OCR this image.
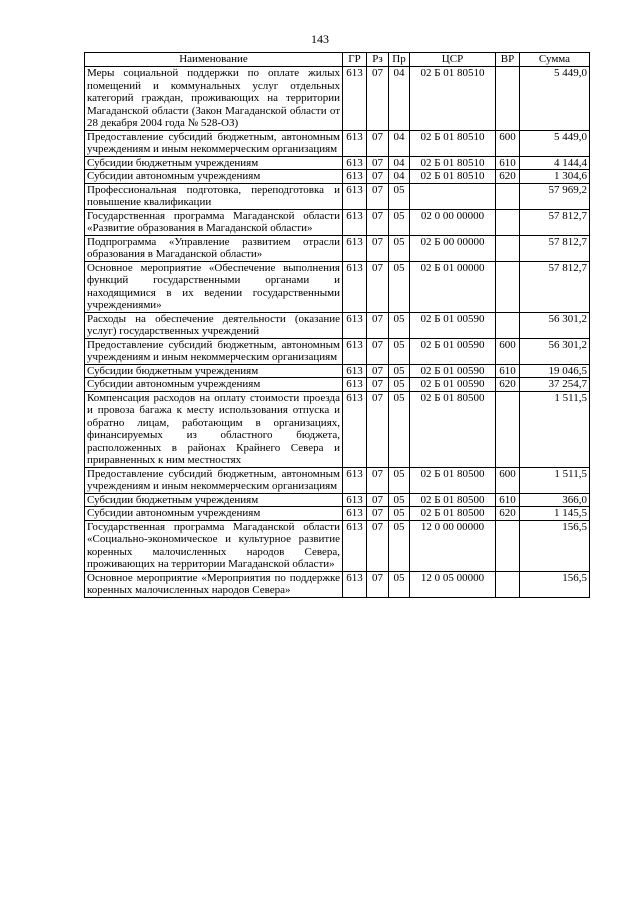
143
Наименование	ГР	Рз	Пр	ЦСР	ВР	Сумма
Меры социальной поддержки по оплате жилых помещений и коммунальных услуг отдельных категорий граждан, проживающих на территории Магаданской области (Закон Магаданской области от 28 декабря 2004 года № 528-ОЗ)	613	07	04	02 Б 01 80510		5 449,0
Предоставление субсидий бюджетным, автономным учреждениям и иным некоммерческим организациям	613	07	04	02 Б 01 80510	600	5 449,0
Субсидии бюджетным учреждениям	613	07	04	02 Б 01 80510	610	4 144,4
Субсидии автономным учреждениям	613	07	04	02 Б 01 80510	620	1 304,6
Профессиональная подготовка, переподготовка и повышение квалификации	613	07	05			57 969,2
Государственная программа Магаданской области «Развитие образования в Магаданской области»	613	07	05	02 0 00 00000		57 812,7
Подпрограмма «Управление развитием отрасли образования в Магаданской области»	613	07	05	02 Б 00 00000		57 812,7
Основное мероприятие «Обеспечение выполнения функций государственными органами и находящимися в их ведении государственными учреждениями»	613	07	05	02 Б 01 00000		57 812,7
Расходы на обеспечение деятельности (оказание услуг) государственных учреждений	613	07	05	02 Б 01 00590		56 301,2
Предоставление субсидий бюджетным, автономным учреждениям и иным некоммерческим организациям	613	07	05	02 Б 01 00590	600	56 301,2
Субсидии бюджетным учреждениям	613	07	05	02 Б 01 00590	610	19 046,5
Субсидии автономным учреждениям	613	07	05	02 Б 01 00590	620	37 254,7
Компенсация расходов на оплату стоимости проезда и провоза багажа к месту использования отпуска и обратно лицам, работающим в организациях, финансируемых из областного бюджета, расположенных в районах Крайнего Севера и приравненных к ним местностях	613	07	05	02 Б 01 80500		1 511,5
Предоставление субсидий бюджетным, автономным учреждениям и иным некоммерческим организациям	613	07	05	02 Б 01 80500	600	1 511,5
Субсидии бюджетным учреждениям	613	07	05	02 Б 01 80500	610	366,0
Субсидии автономным учреждениям	613	07	05	02 Б 01 80500	620	1 145,5
Государственная программа Магаданской области «Социально-экономическое и культурное развитие коренных малочисленных народов Севера, проживающих на территории Магаданской области»	613	07	05	12 0 00 00000		156,5
Основное мероприятие «Мероприятия по поддержке коренных малочисленных народов Севера»	613	07	05	12 0 05 00000		156,5
